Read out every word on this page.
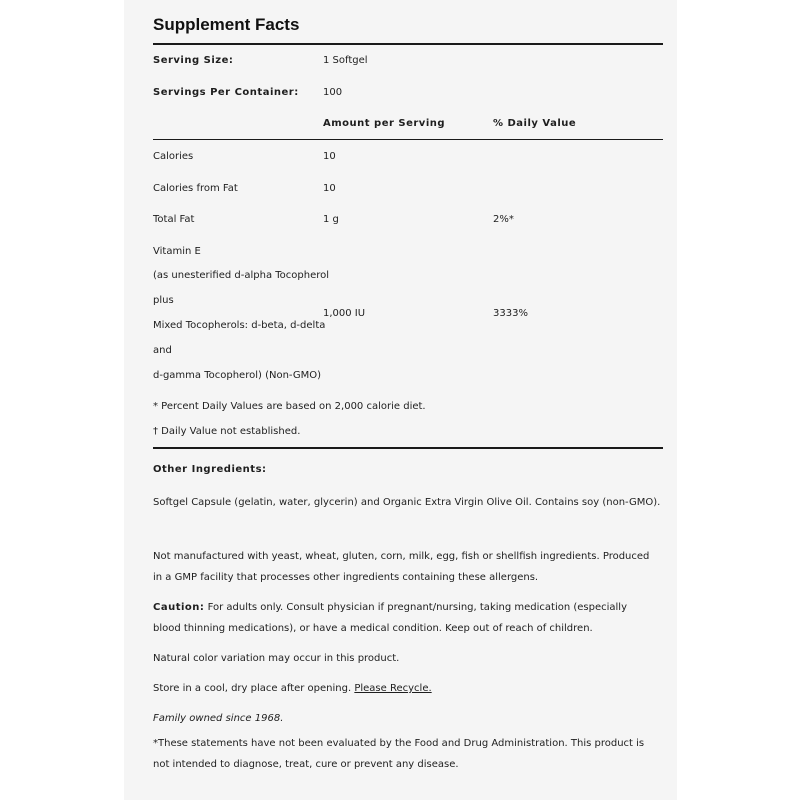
Supplement Facts
Serving Size:	1 Softgel
Servings Per Container: 100
Amount per Serving	% Daily Value
Calories	10
Calories from Fat	10
Total Fat	1 g	2%*
Vitamin E
(as unesterified d-alpha Tocopherol
plus
Mixed Tocopherols: d-beta, d-delta
and
d-gamma Tocopherol) (Non-GMO)
1,000 IU	3333%
* Percent Daily Values are based on 2,000 calorie diet.
† Daily Value not established.
Other Ingredients:
Softgel Capsule (gelatin, water, glycerin) and Organic Extra Virgin Olive Oil. Contains soy (non-GMO).
Not manufactured with yeast, wheat, gluten, corn, milk, egg, fish or shellfish ingredients. Produced in a GMP facility that processes other ingredients containing these allergens.
Caution: For adults only. Consult physician if pregnant/nursing, taking medication (especially blood thinning medications), or have a medical condition. Keep out of reach of children.
Natural color variation may occur in this product.
Store in a cool, dry place after opening. Please Recycle.
Family owned since 1968.
*These statements have not been evaluated by the Food and Drug Administration. This product is not intended to diagnose, treat, cure or prevent any disease.
